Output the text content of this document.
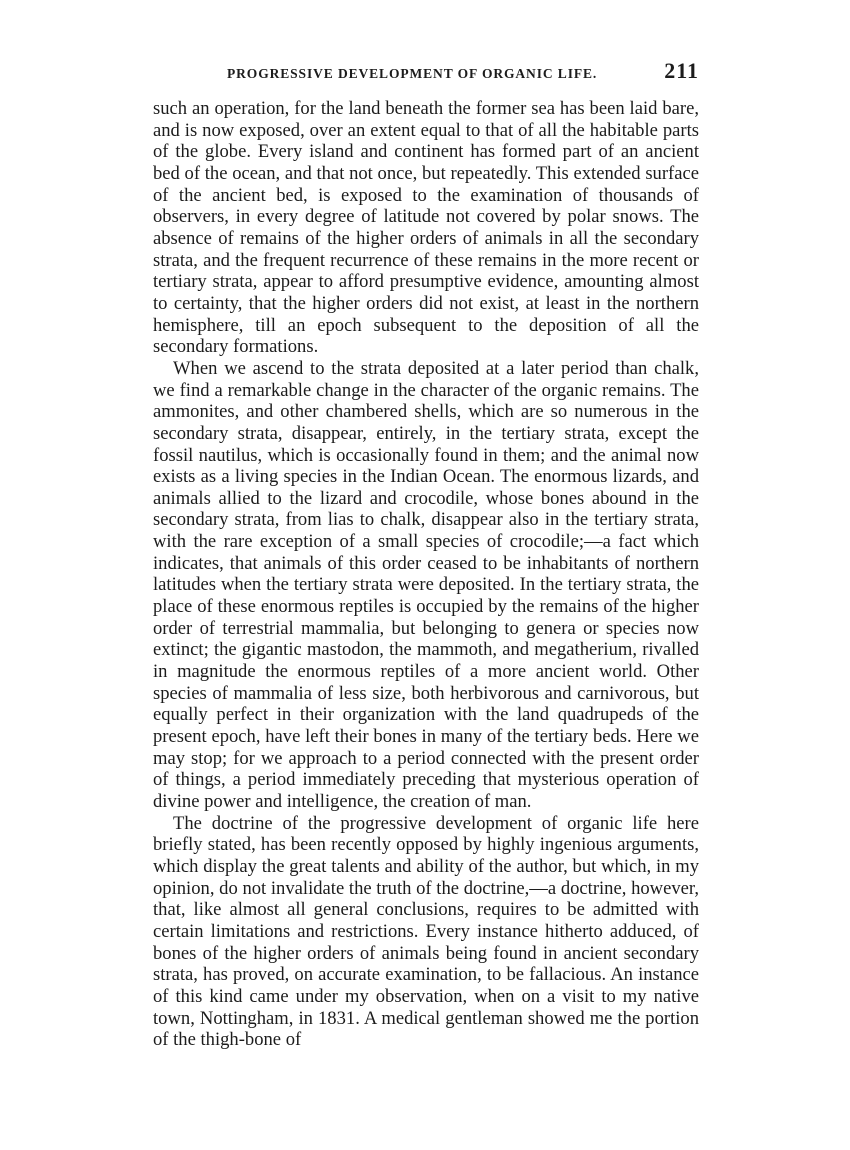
PROGRESSIVE DEVELOPMENT OF ORGANIC LIFE.	211

such an operation, for the land beneath the former sea has been laid bare, and is now exposed, over an extent equal to that of all the habitable parts of the globe. Every island and continent has formed part of an ancient bed of the ocean, and that not once, but repeatedly. This extended surface of the ancient bed, is exposed to the examination of thousands of observers, in every degree of latitude not covered by polar snows. The absence of remains of the higher orders of animals in all the secondary strata, and the frequent recurrence of these remains in the more recent or tertiary strata, appear to afford presumptive evidence, amounting almost to certainty, that the higher orders did not exist, at least in the northern hemisphere, till an epoch subsequent to the deposition of all the secondary formations.

When we ascend to the strata deposited at a later period than chalk, we find a remarkable change in the character of the organic remains. The ammonites, and other chambered shells, which are so numerous in the secondary strata, disappear, entirely, in the tertiary strata, except the fossil nautilus, which is occasionally found in them; and the animal now exists as a living species in the Indian Ocean. The enormous lizards, and animals allied to the lizard and crocodile, whose bones abound in the secondary strata, from lias to chalk, disappear also in the tertiary strata, with the rare exception of a small species of crocodile;—a fact which indicates, that animals of this order ceased to be inhabitants of northern latitudes when the tertiary strata were deposited. In the tertiary strata, the place of these enormous reptiles is occupied by the remains of the higher order of terrestrial mammalia, but belonging to genera or species now extinct; the gigantic mastodon, the mammoth, and megatherium, rivalled in magnitude the enormous reptiles of a more ancient world. Other species of mammalia of less size, both herbivorous and carnivorous, but equally perfect in their organization with the land quadrupeds of the present epoch, have left their bones in many of the tertiary beds. Here we may stop; for we approach to a period connected with the present order of things, a period immediately preceding that mysterious operation of divine power and intelligence, the creation of man.

The doctrine of the progressive development of organic life here briefly stated, has been recently opposed by highly ingenious arguments, which display the great talents and ability of the author, but which, in my opinion, do not invalidate the truth of the doctrine,—a doctrine, however, that, like almost all general conclusions, requires to be admitted with certain limitations and restrictions. Every instance hitherto adduced, of bones of the higher orders of animals being found in ancient secondary strata, has proved, on accurate examination, to be fallacious. An instance of this kind came under my observation, when on a visit to my native town, Nottingham, in 1831. A medical gentleman showed me the portion of the thigh-bone of
